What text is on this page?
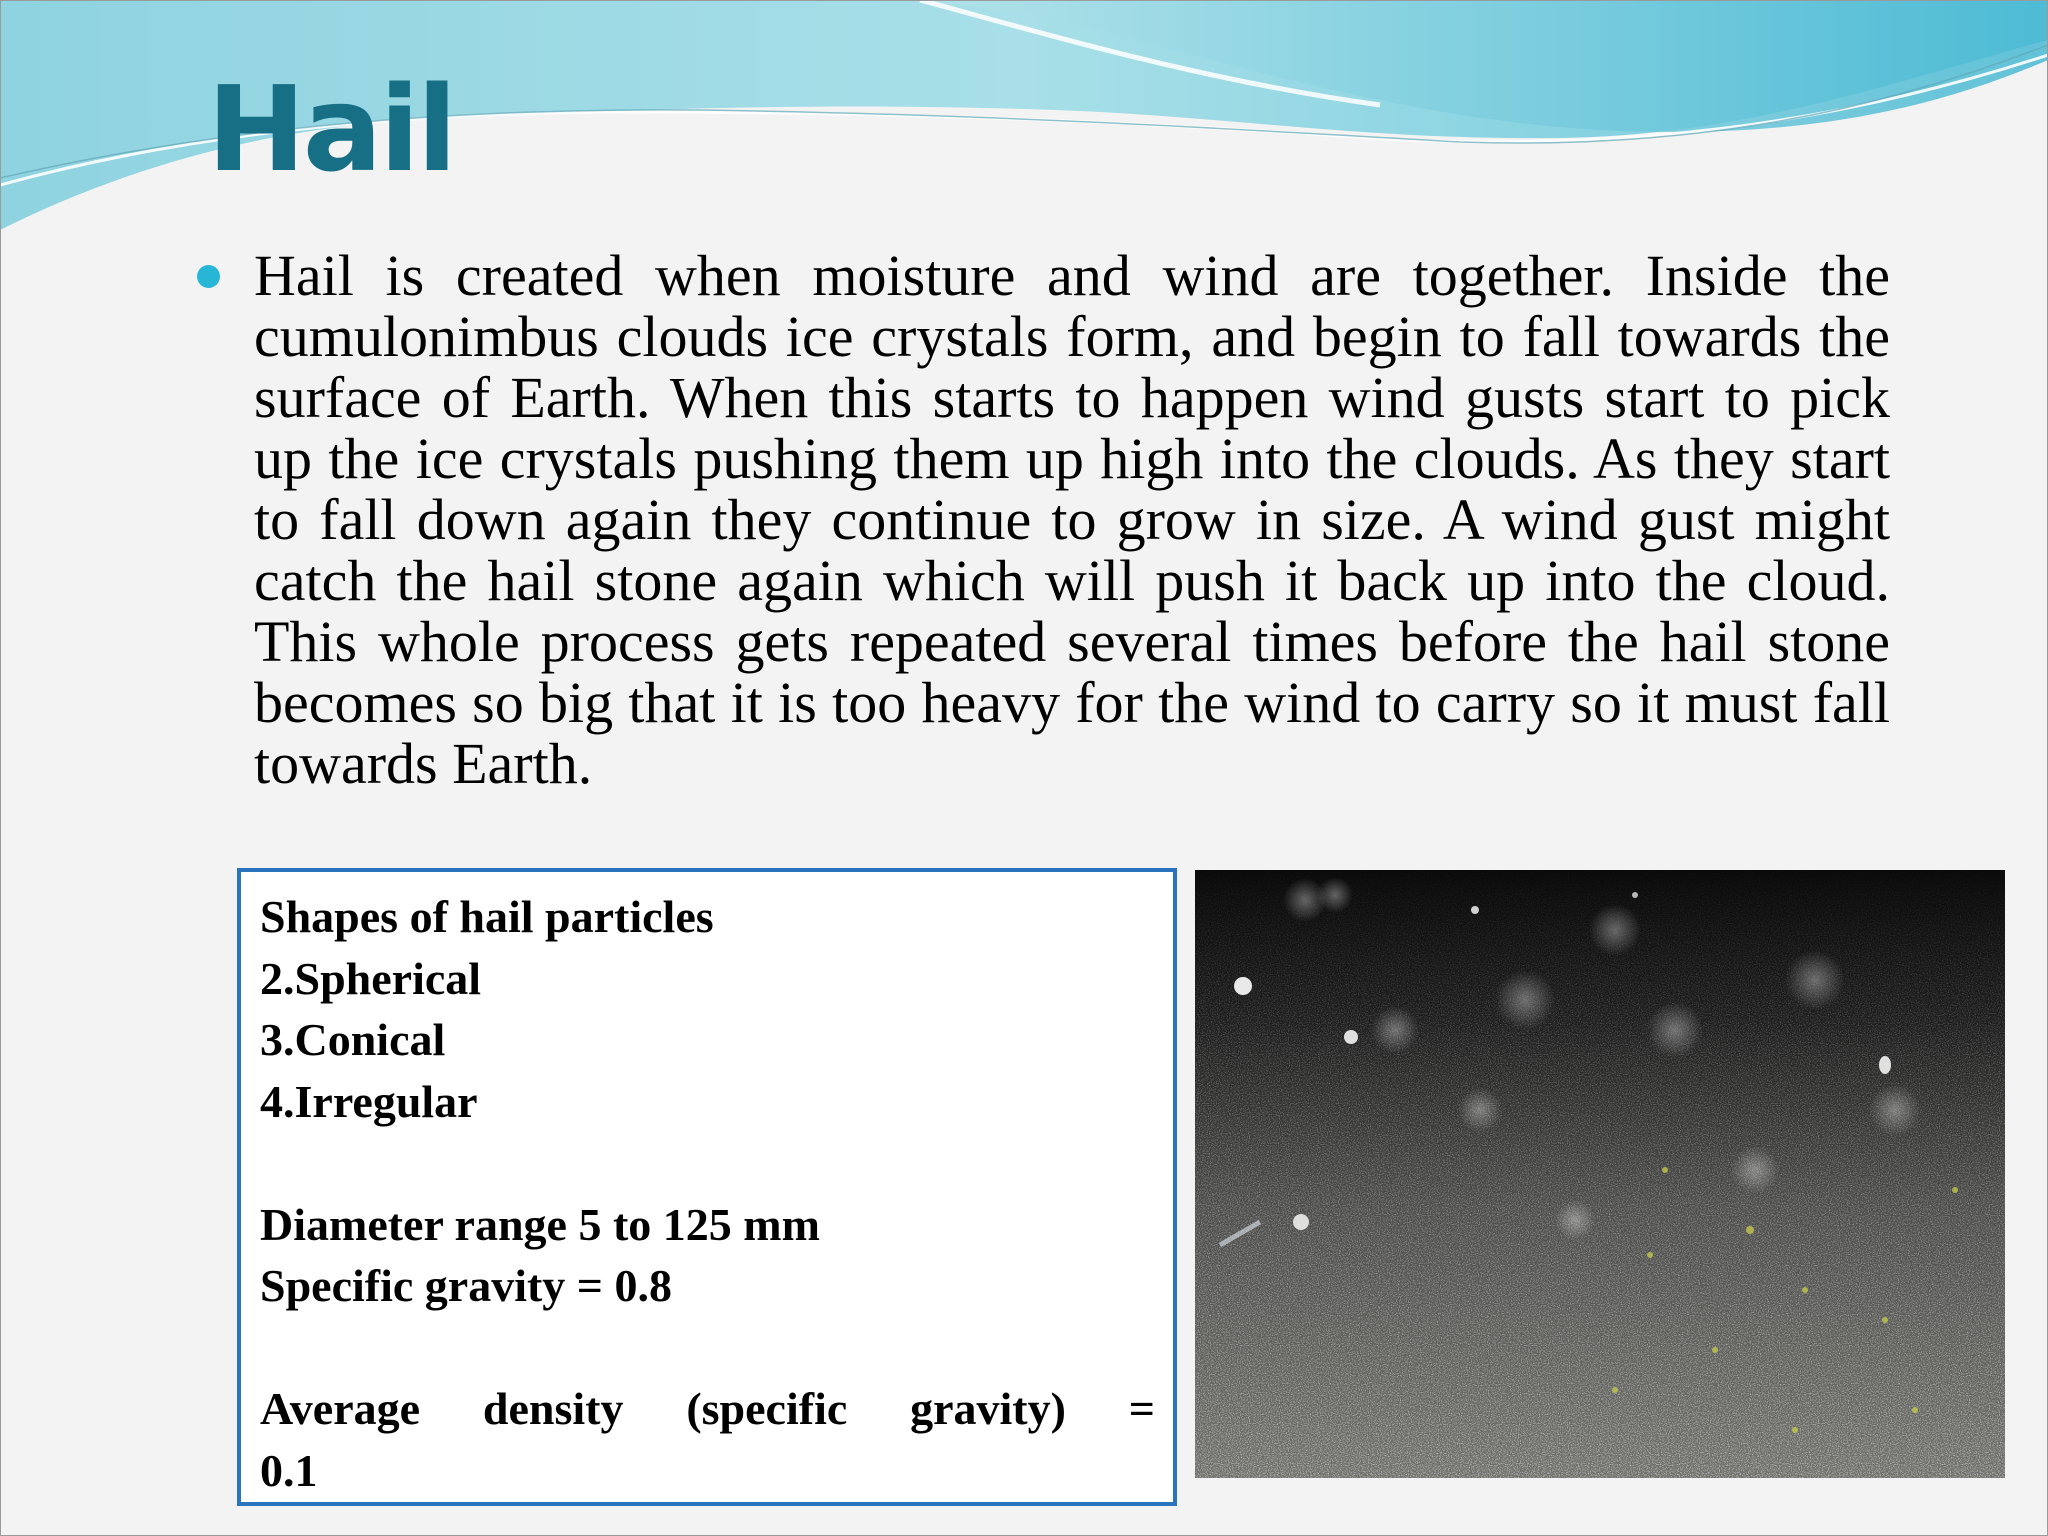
Hail

Hail is created when moisture and wind are together. Inside the cumulonimbus clouds ice crystals form, and begin to fall towards the surface of Earth. When this starts to happen wind gusts start to pick up the ice crystals pushing them up high into the clouds. As they start to fall down again they continue to grow in size. A wind gust might catch the hail stone again which will push it back up into the cloud. This whole process gets repeated several times before the hail stone becomes so big that it is too heavy for the wind to carry so it must fall towards Earth.

Shapes of hail particles
2.Spherical
3.Conical
4.Irregular
Diameter range 5 to 125 mm
Specific gravity = 0.8
Average density (specific gravity) =
0.1
